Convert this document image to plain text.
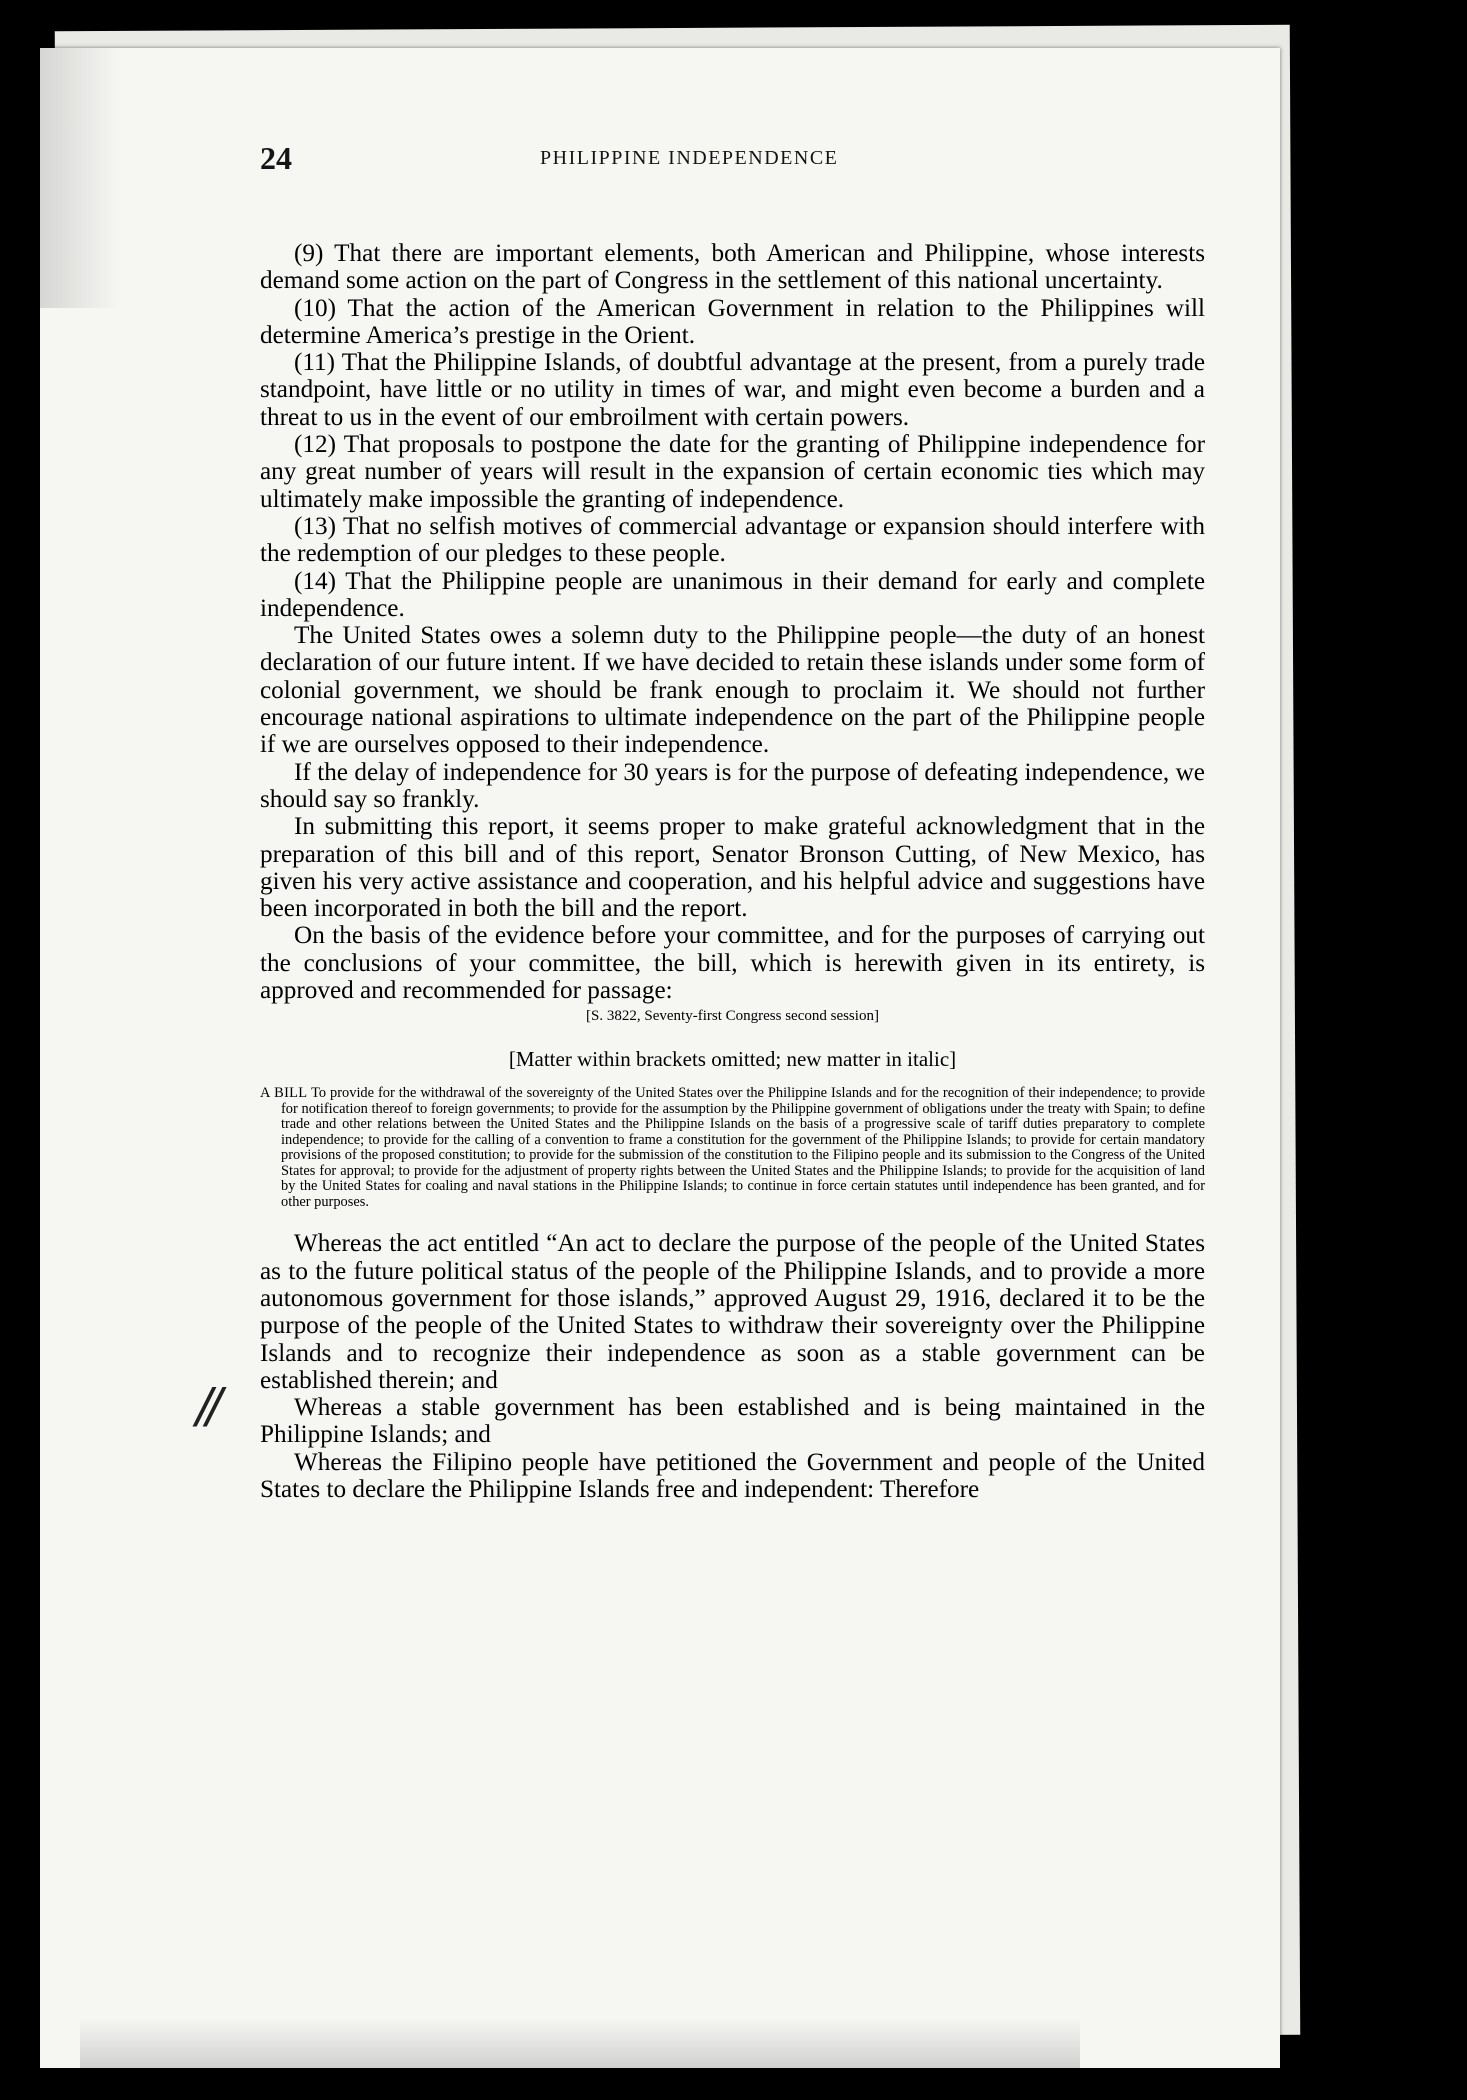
//
24	PHILIPPINE INDEPENDENCE

(9) That there are important elements, both American and Philippine, whose interests demand some action on the part of Congress in the settlement of this national uncertainty.

(10) That the action of the American Government in relation to the Philippines will determine America’s prestige in the Orient.

(11) That the Philippine Islands, of doubtful advantage at the present, from a purely trade standpoint, have little or no utility in times of war, and might even become a burden and a threat to us in the event of our embroilment with certain powers.

(12) That proposals to postpone the date for the granting of Philippine independence for any great number of years will result in the expansion of certain economic ties which may ultimately make impossible the granting of independence.

(13) That no selfish motives of commercial advantage or expansion should interfere with the redemption of our pledges to these people.

(14) That the Philippine people are unanimous in their demand for early and complete independence.

The United States owes a solemn duty to the Philippine people—the duty of an honest declaration of our future intent. If we have decided to retain these islands under some form of colonial government, we should be frank enough to proclaim it. We should not further encourage national aspirations to ultimate independence on the part of the Philippine people if we are ourselves opposed to their independence.

If the delay of independence for 30 years is for the purpose of defeating independence, we should say so frankly.

In submitting this report, it seems proper to make grateful acknowledgment that in the preparation of this bill and of this report, Senator Bronson Cutting, of New Mexico, has given his very active assistance and cooperation, and his helpful advice and suggestions have been incorporated in both the bill and the report.

On the basis of the evidence before your committee, and for the purposes of carrying out the conclusions of your committee, the bill, which is herewith given in its entirety, is approved and recommended for passage:

[S. 3822, Seventy-first Congress second session]

[Matter within brackets omitted; new matter in italic]

A BILL To provide for the withdrawal of the sovereignty of the United States over the Philippine Islands and for the recognition of their independence; to provide for notification thereof to foreign governments; to provide for the assumption by the Philippine government of obligations under the treaty with Spain; to define trade and other relations between the United States and the Philippine Islands on the basis of a progressive scale of tariff duties preparatory to complete independence; to provide for the calling of a convention to frame a constitution for the government of the Philippine Islands; to provide for certain mandatory provisions of the proposed constitution; to provide for the submission of the constitution to the Filipino people and its submission to the Congress of the United States for approval; to provide for the adjustment of property rights between the United States and the Philippine Islands; to provide for the acquisition of land by the United States for coaling and naval stations in the Philippine Islands; to continue in force certain statutes until independence has been granted, and for other purposes.

Whereas the act entitled “An act to declare the purpose of the people of the United States as to the future political status of the people of the Philippine Islands, and to provide a more autonomous government for those islands,” approved August 29, 1916, declared it to be the purpose of the people of the United States to withdraw their sovereignty over the Philippine Islands and to recognize their independence as soon as a stable government can be established therein; and

Whereas a stable government has been established and is being maintained in the Philippine Islands; and

Whereas the Filipino people have petitioned the Government and people of the United States to declare the Philippine Islands free and independent: Therefore
